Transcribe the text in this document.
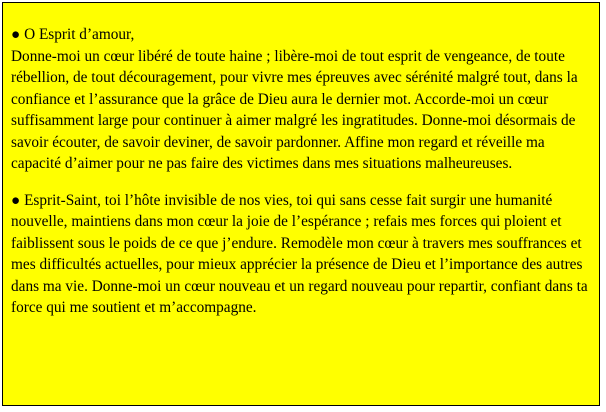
● O Esprit d’amour,
Donne-moi un cœur libéré de toute haine ; libère-moi de tout esprit de vengeance, de toute rébellion, de tout découragement, pour vivre mes épreuves avec sérénité malgré tout, dans la confiance et l’assurance que la grâce de Dieu aura le dernier mot. Accorde-moi un cœur suffisamment large pour continuer à aimer malgré les ingratitudes. Donne-moi désormais de savoir écouter, de savoir deviner, de savoir pardonner. Affine mon regard et réveille ma capacité d’aimer pour ne pas faire des victimes dans mes situations malheureuses.

● Esprit-Saint, toi l’hôte invisible de nos vies, toi qui sans cesse fait surgir une humanité nouvelle, maintiens dans mon cœur la joie de l’espérance ; refais mes forces qui ploient et faiblissent sous le poids de ce que j’endure. Remodèle mon cœur à travers mes souffrances et mes difficultés actuelles, pour mieux apprécier la présence de Dieu et l’importance des autres dans ma vie. Donne-moi un cœur nouveau et un regard nouveau pour repartir, confiant dans ta force qui me soutient et m’accompagne.
